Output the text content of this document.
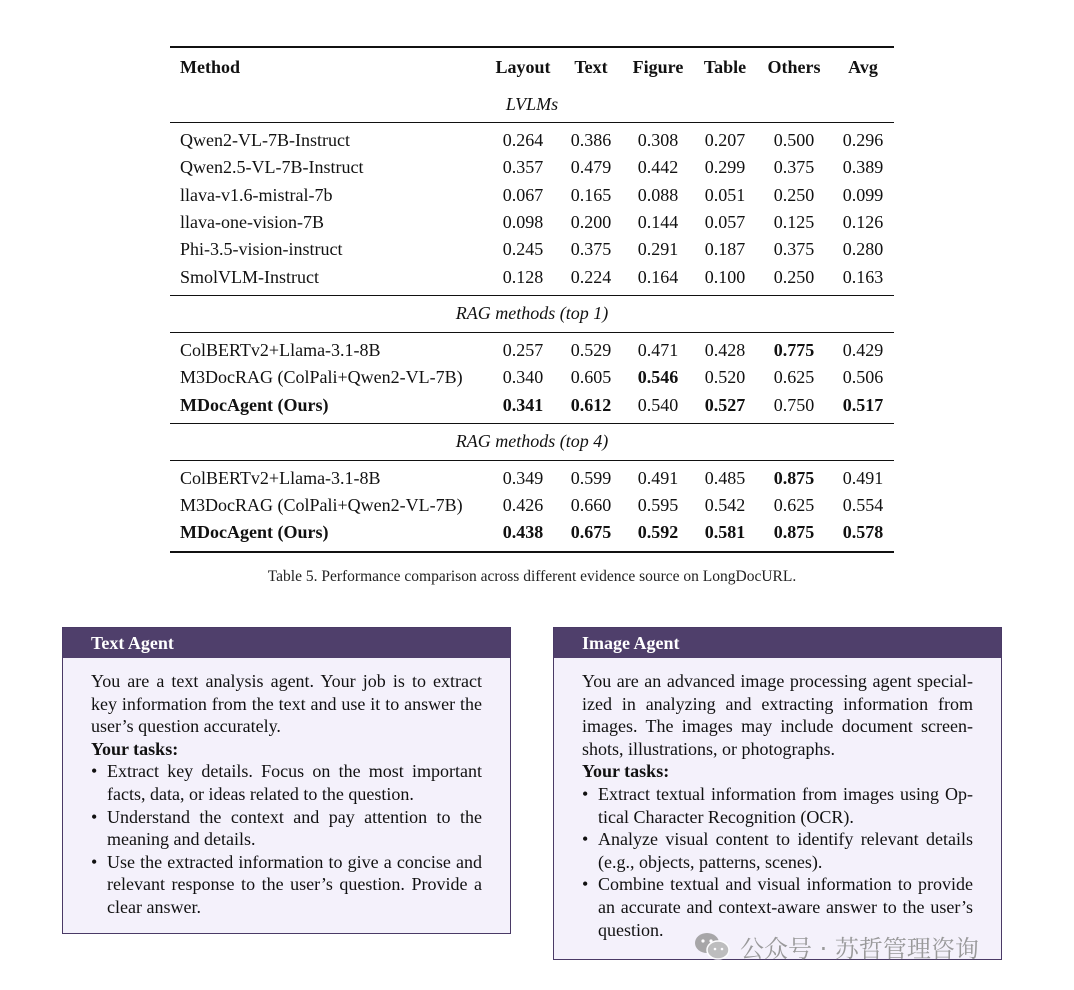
Method	Layout	Text	Figure	Table	Others	Avg
LVLMs						
Qwen2-VL-7B-Instruct	0.264	0.386	0.308	0.207	0.500	0.296
Qwen2.5-VL-7B-Instruct	0.357	0.479	0.442	0.299	0.375	0.389
llava-v1.6-mistral-7b	0.067	0.165	0.088	0.051	0.250	0.099
llava-one-vision-7B	0.098	0.200	0.144	0.057	0.125	0.126
Phi-3.5-vision-instruct	0.245	0.375	0.291	0.187	0.375	0.280
SmolVLM-Instruct	0.128	0.224	0.164	0.100	0.250	0.163
RAG methods (top 1)						
ColBERTv2+Llama-3.1-8B	0.257	0.529	0.471	0.428	0.775	0.429
M3DocRAG (ColPali+Qwen2-VL-7B)	0.340	0.605	0.546	0.520	0.625	0.506
MDocAgent (Ours)	0.341	0.612	0.540	0.527	0.750	0.517
RAG methods (top 4)						
ColBERTv2+Llama-3.1-8B	0.349	0.599	0.491	0.485	0.875	0.491
M3DocRAG (ColPali+Qwen2-VL-7B)	0.426	0.660	0.595	0.542	0.625	0.554
MDocAgent (Ours)	0.438	0.675	0.592	0.581	0.875	0.578
Table 5. Performance comparison across different evidence source on LongDocURL.
Text Agent

You are a text analysis agent. Your job is to extract key information from the text and use it to answer the user’s question accurately.

Your tasks:

• Extract key details. Focus on the most important facts, data, or ideas related to the question.
• Understand the context and pay attention to the meaning and details.
• Use the extracted information to give a concise and relevant response to the user’s question. Provide a clear answer.
Image Agent

You are an advanced image processing agent special-ized in analyzing and extracting information from images. The images may include document screen-shots, illustrations, or photographs.

Your tasks:

• Extract textual information from images using Op-tical Character Recognition (OCR).
• Analyze visual content to identify relevant details (e.g., objects, patterns, scenes).
• Combine textual and visual information to provide an accurate and context-aware answer to the user’s question.
公众号 · 苏哲管理咨询
